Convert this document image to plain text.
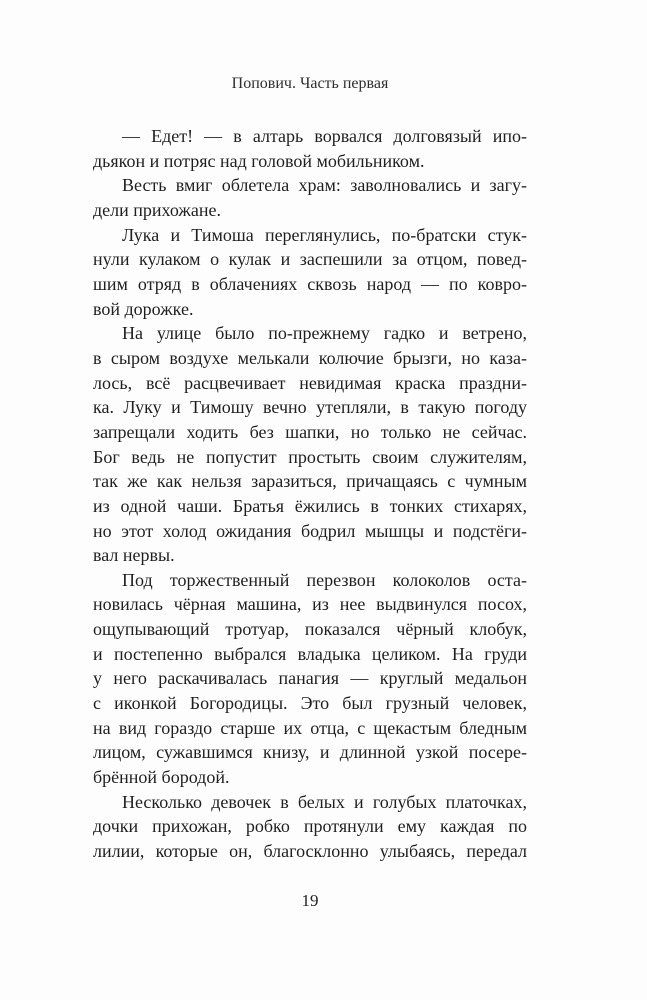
Попович. Часть первая

— Едет! — в алтарь ворвался долговязый ипо-
дьякон и потряс над головой мобильником.

Весть вмиг облетела храм: заволновались и загу-
дели прихожане.

Лука и Тимоша переглянулись, по-братски стук-
нули кулаком о кулак и заспешили за отцом, повед-
шим отряд в облачениях сквозь народ — по ковро-
вой дорожке.

На улице было по-прежнему гадко и ветрено,
в сыром воздухе мелькали колючие брызги, но каза-
лось, всё расцвечивает невидимая краска праздни-
ка. Луку и Тимошу вечно утепляли, в такую погоду
запрещали ходить без шапки, но только не сейчас.
Бог ведь не попустит простыть своим служителям,
так же как нельзя заразиться, причащаясь с чумным
из одной чаши. Братья ёжились в тонких стихарях,
но этот холод ожидания бодрил мышцы и подстёги-
вал нервы.

Под торжественный перезвон колоколов оста-
новилась чёрная машина, из нее выдвинулся посох,
ощупывающий тротуар, показался чёрный клобук,
и постепенно выбрался владыка целиком. На груди
у него раскачивалась панагия — круглый медальон
с иконкой Богородицы. Это был грузный человек,
на вид гораздо старше их отца, с щекастым бледным
лицом, сужавшимся книзу, и длинной узкой посере-
брённой бородой.

Несколько девочек в белых и голубых платочках,
дочки прихожан, робко протянули ему каждая по
лилии, которые он, благосклонно улыбаясь, передал

19
